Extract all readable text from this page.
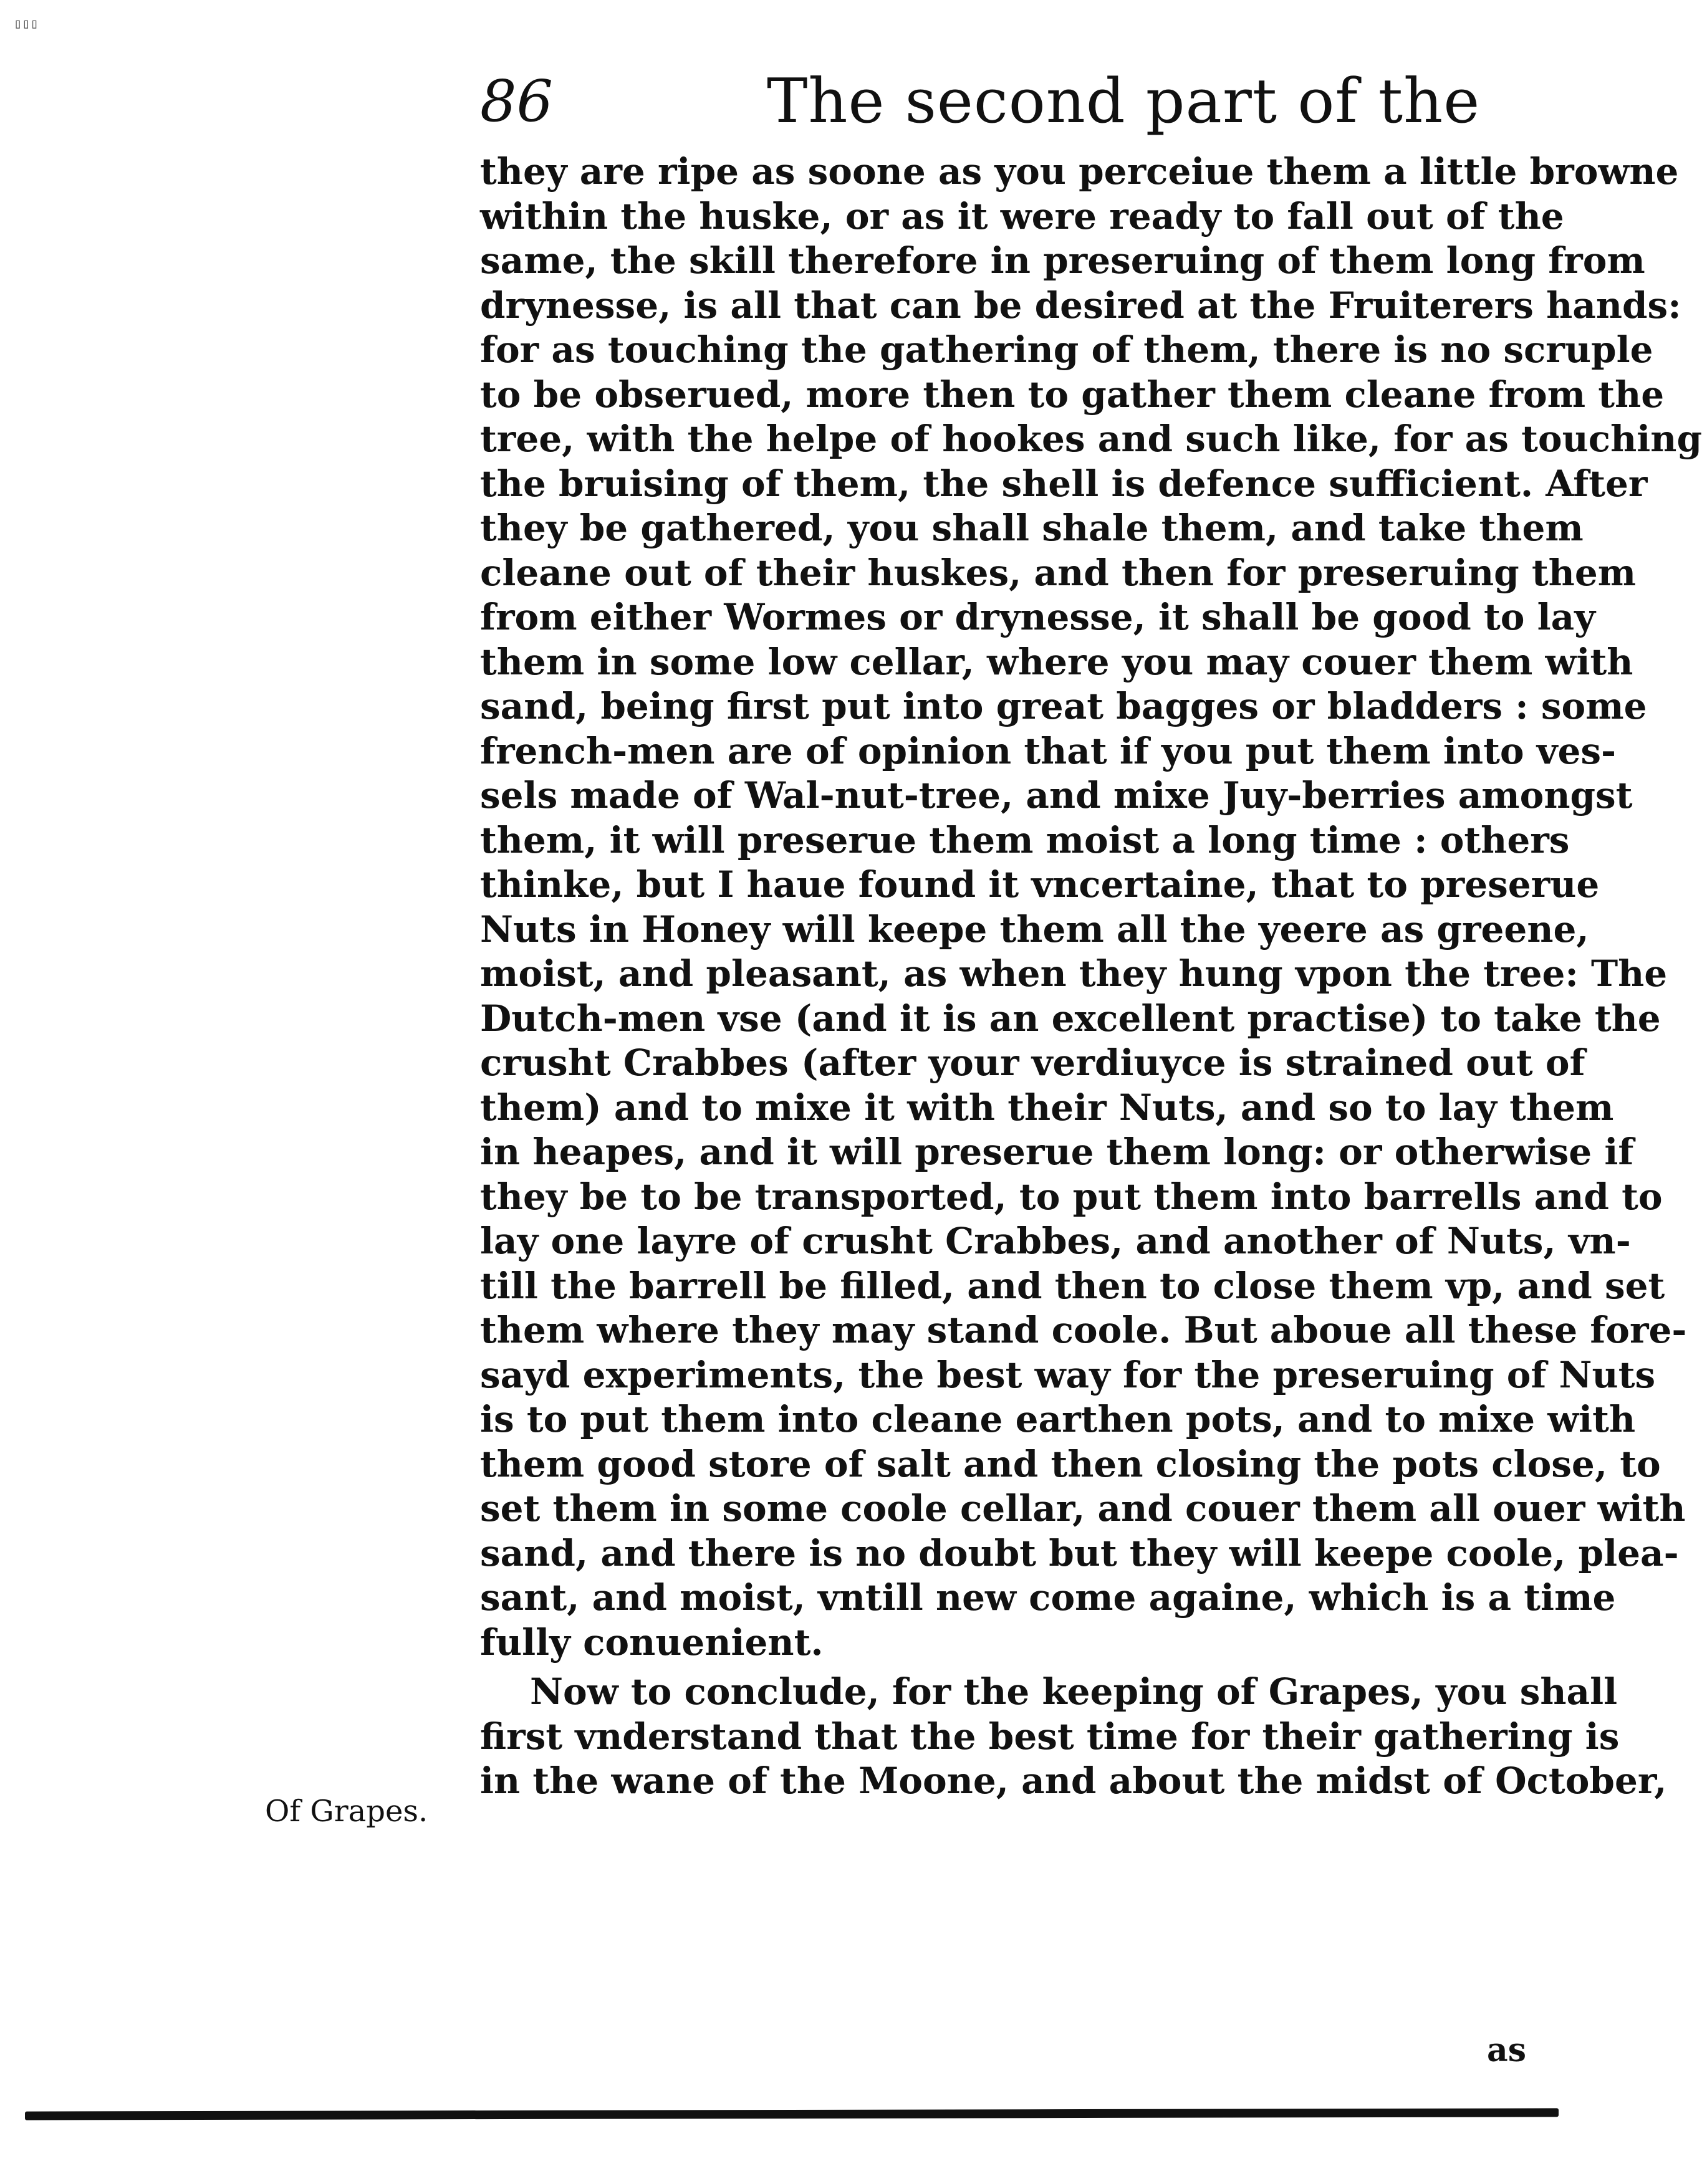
▯▯▯
86	The second part of the
they are ripe as soone as you perceiue them a little browne
within the huske, or as it were ready to fall out of the
same, the skill therefore in preseruing of them long from
drynesse, is all that can be desired at the Fruiterers hands:
for as touching the gathering of them, there is no scruple
to be obserued, more then to gather them cleane from the
tree, with the helpe of hookes and such like, for as touching
the bruising of them, the shell is defence sufficient. After
they be gathered, you shall shale them, and take them
cleane out of their huskes, and then for preseruing them
from either Wormes or drynesse, it shall be good to lay
them in some low cellar, where you may couer them with
sand, being first put into great bagges or bladders : some
french-men are of opinion that if you put them into ves-
sels made of Wal-nut-tree, and mixe Juy-berries amongst
them, it will preserue them moist a long time : others
thinke, but I haue found it vncertaine, that to preserue
Nuts in Honey will keepe them all the yeere as greene,
moist, and pleasant, as when they hung vpon the tree: The
Dutch-men vse (and it is an excellent practise) to take the
crusht Crabbes (after your verdiuyce is strained out of
them) and to mixe it with their Nuts, and so to lay them
in heapes, and it will preserue them long: or otherwise if
they be to be transported, to put them into barrells and to
lay one layre of crusht Crabbes, and another of Nuts, vn-
till the barrell be filled, and then to close them vp, and set
them where they may stand coole. But aboue all these fore-
sayd experiments, the best way for the preseruing of Nuts
is to put them into cleane earthen pots, and to mixe with
them good store of salt and then closing the pots close, to
set them in some coole cellar, and couer them all ouer with
sand, and there is no doubt but they will keepe coole, plea-
sant, and moist, vntill new come againe, which is a time
fully conuenient.
Now to conclude, for the keeping of Grapes, you shall
first vnderstand that the best time for their gathering is
in the wane of the Moone, and about the midst of October,
Of Grapes.
as
